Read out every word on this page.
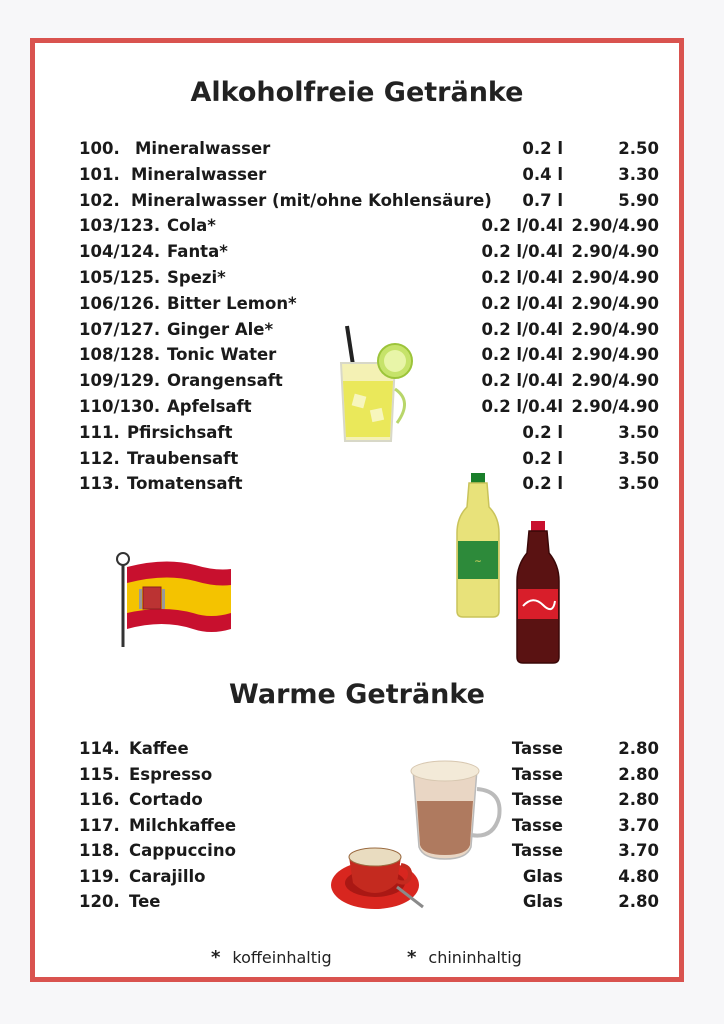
Alkoholfreie Getränke
100. Mineralwasser	0.2 l	2.50
101. Mineralwasser	0.4 l	3.30
102. Mineralwasser (mit/ohne Kohlensäure) 0.7 l	5.90
103/123. Cola*	0.2 l/0.4l 2.90/4.90
104/124. Fanta*	0.2 l/0.4l 2.90/4.90
105/125. Spezi*	0.2 l/0.4l 2.90/4.90
106/126. Bitter Lemon*	0.2 l/0.4l 2.90/4.90
107/127. Ginger Ale*	0.2 l/0.4l 2.90/4.90
108/128. Tonic Water	0.2 l/0.4l 2.90/4.90
109/129. Orangensaft	0.2 l/0.4l 2.90/4.90
110/130. Apfelsaft	0.2 l/0.4l 2.90/4.90
111. Pfirsichsaft	0.2 l	3.50
112. Traubensaft	0.2 l	3.50
113. Tomatensaft	0.2 l	3.50
Warme Getränke
114. Kaffee	Tasse	2.80
115. Espresso	Tasse	2.80
116. Cortado	Tasse	2.80
117. Milchkaffee	Tasse	3.70
118. Cappuccino	Tasse	3.70
119. Carajillo	Glas	4.80
120. Tee	Glas	2.80
* koffeinhaltig	* chininhaltig
~
